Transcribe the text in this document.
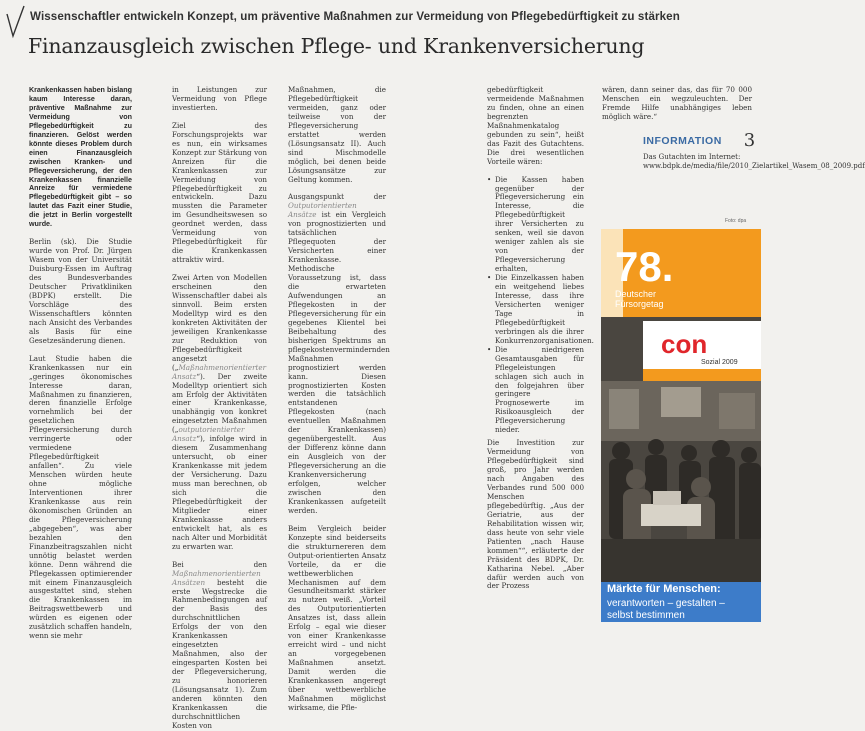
Wissenschaftler entwickeln Konzept, um präventive Maßnahmen zur Vermeidung von Pflegebedürftigkeit zu stärken
Finanzausgleich zwischen Pflege- und Krankenversicherung

Krankenkassen haben bislang kaum Interesse daran, präventive Maßnahme zur Vermeidung von Pflegebedürftigkeit zu finanzieren. Gelöst werden könnte dieses Problem durch einen Finanzausgleich zwischen Kranken- und Pflegeversicherung, der den Krankenkassen finanzielle Anreize für vermiedene Pflegebedürftigkeit gibt – so lautet das Fazit einer Studie, die jetzt in Berlin vorgestellt wurde.

Berlin (sk). Die Studie wurde von Prof. Dr. Jürgen Wasem von der Universität Duisburg-Essen im Auftrag des Bundesverbandes Deutscher Privatkliniken (BDPK) erstellt. Die Vorschläge des Wissenschaftlers könnten nach Ansicht des Verbandes als Basis für eine Gesetzesänderung dienen.

Laut Studie haben die Krankenkassen nur ein „geringes ökonomisches Interesse daran, Maßnahmen zu finanzieren, deren finanzielle Erfolge vornehmlich bei der gesetzlichen Pflegeversicherung durch verringerte oder vermiedene Pflegebedürftigkeit anfallen“. Zu viele Menschen würden heute ohne mögliche Interventionen ihrer Krankenkasse aus rein ökonomischen Gründen an die Pflegeversicherung „abgegeben“, was aber bezahlen den Finanzbeitragszahlen nicht unnötig belastet werden könne. Denn während die Pflegekassen optimierender mit einem Finanzausgleich ausgestattet sind, stehen die Krankenkassen im Beitragswettbewerb und würden es eigenen oder zusätzlich schaffen handeln, wenn sie mehr

in Leistungen zur Vermeidung von Pflege investierten.

Ziel des Forschungsprojekts war es nun, ein wirksames Konzept zur Stärkung von Anreizen für die Krankenkassen zur Vermeidung von Pflegebedürftigkeit zu entwickeln. Dazu mussten die Parameter im Gesundheitswesen so geordnet werden, dass Vermeidung von Pflegebedürftigkeit für die Krankenkassen attraktiv wird.

Zwei Arten von Modellen erscheinen den Wissenschaftler dabei als sinnvoll. Beim ersten Modelltyp wird es den konkreten Aktivitäten der jeweiligen Krankenkasse zur Reduktion von Pflegebedürftigkeit angesetzt („Maßnahmenorientierter Ansatz“). Der zweite Modelltyp orientiert sich am Erfolg der Aktivitäten einer Krankenkasse, unabhängig von konkret eingesetzten Maßnahmen („outputorientierter Ansatz“), infolge wird in diesem Zusammenhang untersucht, ob einer Krankenkasse mit jedem der Versicherung. Dazu muss man berechnen, ob sich die Pflegebedürftigkeit der Mitglieder einer Krankenkasse anders entwickelt hat, als es nach Alter und Morbidität zu erwarten war.

Bei den Maßnahmenorientierten Ansätzen besteht die erste Wegstrecke die Rahmenbedingungen auf der Basis des durchschnittlichen Erfolgs der von den Krankenkassen eingesetzten Maßnahmen, also der eingesparten Kosten bei der Pflegeversicherung, zu honorieren (Lösungsansatz 1). Zum anderen könnten den Krankenkassen die durchschnittlichen Kosten von

Maßnahmen, die Pflegebedürftigkeit vermeiden, ganz oder teilweise von der Pflegeversicherung erstattet werden (Lösungsansatz II). Auch sind Mischmodelle möglich, bei denen beide Lösungsansätze zur Geltung kommen.

Ausgangspunkt der Outputorientierten Ansätze ist ein Vergleich von prognostizierten und tatsächlichen Pflegequoten der Versicherten einer Krankenkasse. Methodische Voraussetzung ist, dass die erwarteten Aufwendungen an Pflegekosten in der Pflegeversicherung für ein gegebenes Klientel bei Beibehaltung des bisherigen Spektrums an pflegekostenvermindernden Maßnahmen prognostiziert werden kann. Diesen prognostizierten Kosten werden die tatsächlich entstandenen Pflegekosten (nach eventuellen Maßnahmen der Krankenkassen) gegenübergestellt. Aus der Differenz könne dann ein Ausgleich von der Pflegeversicherung an die Krankenversicherung erfolgen, welcher zwischen den Krankenkassen aufgeteilt werden.

Beim Vergleich beider Konzepte sind beiderseits die strukturnereren dem Output-orientierten Ansatz Vorteile, da er die wettbewerblichen Mechanismen auf dem Gesundheitsmarkt stärker zu nutzen weiß. „Vorteil des Outputorientierten Ansatzes ist, dass allein Erfolg – egal wie dieser von einer Krankenkasse erreicht wird – und nicht an vorgegebenen Maßnahmen ansetzt. Damit werden die Krankenkassen angeregt über wettbewerbliche Maßnahmen möglichst wirksame, die Pfle-

gebedürftigkeit vermeidende Maßnahmen zu finden, ohne an einen begrenzten Maßnahmenkatalog gebunden zu sein“, heißt das Fazit des Gutachtens. Die drei wesentlichen Vorteile wären:

• Die Kassen haben gegenüber der Pflegeversicherung ein Interesse, die Pflegebedürftigkeit ihrer Versicherten zu senken, weil sie davon weniger zahlen als sie von der Pflegeversicherung erhalten,
• Die Einzelkassen haben ein weitgehend liebes Interesse, dass ihre Versicherten weniger Tage in Pflegebedürftigkeit verbringen als die ihrer Konkurrenzorganisationen.
• Die niedrigeren Gesamtausgaben für Pflegeleistungen schlagen sich auch in den folgejahren über geringere Prognosewerte im Risikoausgleich der Pflegeversicherung nieder.

Die Investition zur Vermeidung von Pflegebedürftigkeit sind groß, pro Jahr werden nach Angaben des Verbandes rund 500 000 Menschen pflegebedürftig. „Aus der Geriatrie, aus der Rehabilitation wissen wir, dass heute von sehr viele Patienten „nach Hause kommen““, erläuterte der Präsident des BDPK, Dr. Katharina Nebel. „Aber dafür werden auch von der Prozess

wären, dann seiner das, das für 70 000 Menschen ein wegzuleuchten. Der Fremde Hilfe unabhängiges leben möglich wäre.“

INFORMATION 3
Das Gutachten im Internet: www.bdpk.de/media/file/2010_Zielartikel_Wasem_08_2009.pdf
Foto: dpa
78.
Deutscher
Fürsorgetag
con
Sozial 2009
Märkte für Menschen:
verantworten – gestalten –
selbst bestimmen
